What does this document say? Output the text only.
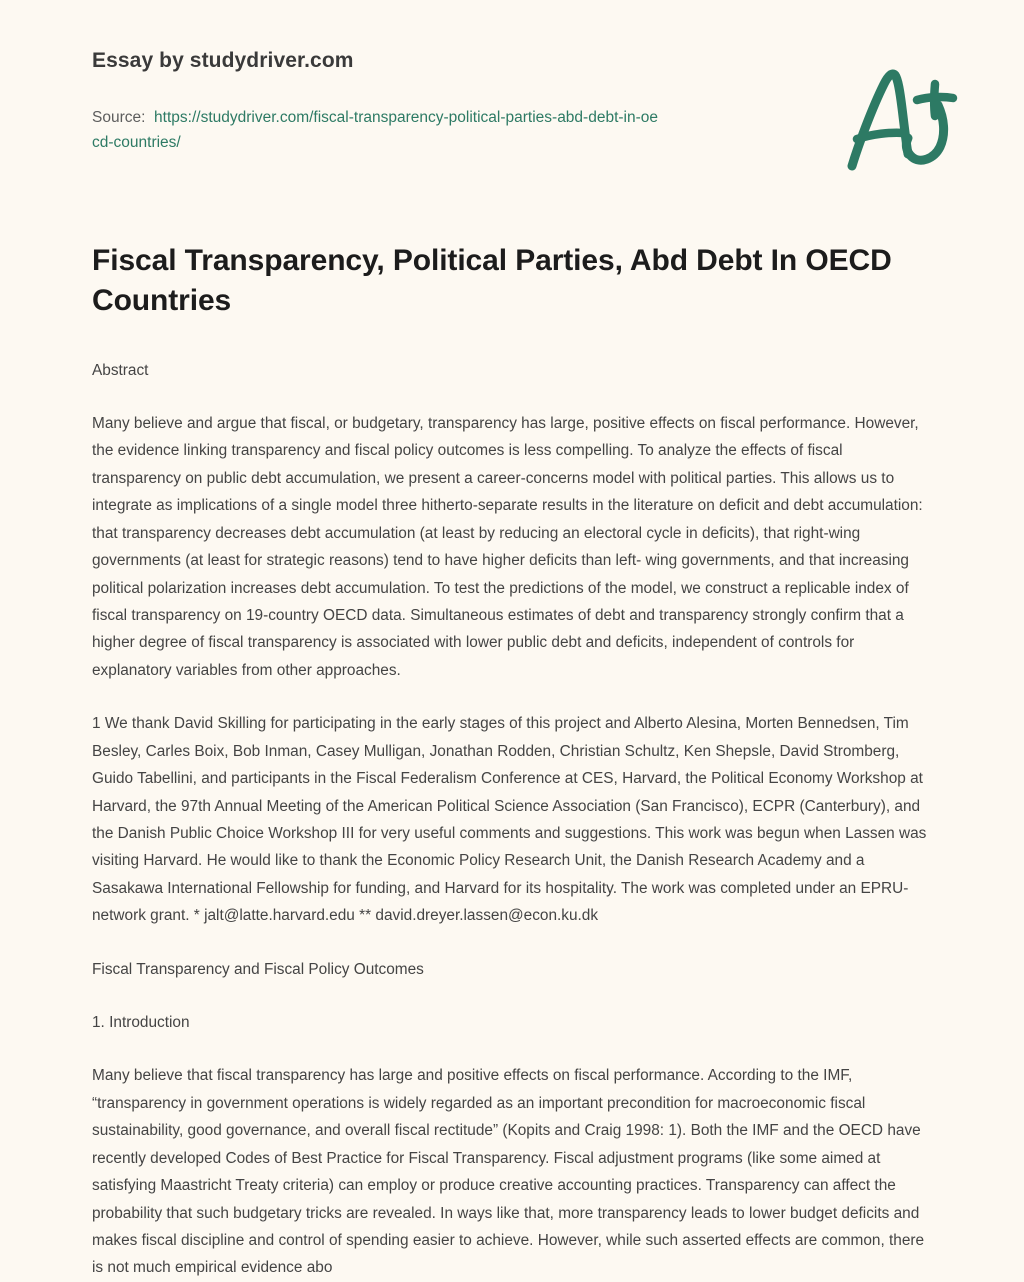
Essay by studydriver.com
Source: https://studydriver.com/fiscal-transparency-political-parties-abd-debt-in-oecd-countries/
Fiscal Transparency, Political Parties, Abd Debt In OECD Countries

Abstract

Many believe and argue that fiscal, or budgetary, transparency has large, positive effects on fiscal performance. However, the evidence linking transparency and fiscal policy outcomes is less compelling. To analyze the effects of fiscal transparency on public debt accumulation, we present a career-concerns model with political parties. This allows us to integrate as implications of a single model three hitherto-separate results in the literature on deficit and debt accumulation: that transparency decreases debt accumulation (at least by reducing an electoral cycle in deficits), that right-wing governments (at least for strategic reasons) tend to have higher deficits than left- wing governments, and that increasing political polarization increases debt accumulation. To test the predictions of the model, we construct a replicable index of fiscal transparency on 19-country OECD data. Simultaneous estimates of debt and transparency strongly confirm that a higher degree of fiscal transparency is associated with lower public debt and deficits, independent of controls for explanatory variables from other approaches.

1 We thank David Skilling for participating in the early stages of this project and Alberto Alesina, Morten Bennedsen, Tim Besley, Carles Boix, Bob Inman, Casey Mulligan, Jonathan Rodden, Christian Schultz, Ken Shepsle, David Stromberg, Guido Tabellini, and participants in the Fiscal Federalism Conference at CES, Harvard, the Political Economy Workshop at Harvard, the 97th Annual Meeting of the American Political Science Association (San Francisco), ECPR (Canterbury), and the Danish Public Choice Workshop III for very useful comments and suggestions. This work was begun when Lassen was visiting Harvard. He would like to thank the Economic Policy Research Unit, the Danish Research Academy and a Sasakawa International Fellowship for funding, and Harvard for its hospitality. The work was completed under an EPRU-network grant. * jalt@latte.harvard.edu ** david.dreyer.lassen@econ.ku.dk

Fiscal Transparency and Fiscal Policy Outcomes

1. Introduction

Many believe that fiscal transparency has large and positive effects on fiscal performance. According to the IMF, “transparency in government operations is widely regarded as an important precondition for macroeconomic fiscal sustainability, good governance, and overall fiscal rectitude” (Kopits and Craig 1998: 1). Both the IMF and the OECD have recently developed Codes of Best Practice for Fiscal Transparency. Fiscal adjustment programs (like some aimed at satisfying Maastricht Treaty criteria) can employ or produce creative accounting practices. Transparency can affect the probability that such budgetary tricks are revealed. In ways like that, more transparency leads to lower budget deficits and makes fiscal discipline and control of spending easier to achieve. However, while such asserted effects are common, there is not much empirical evidence abo
